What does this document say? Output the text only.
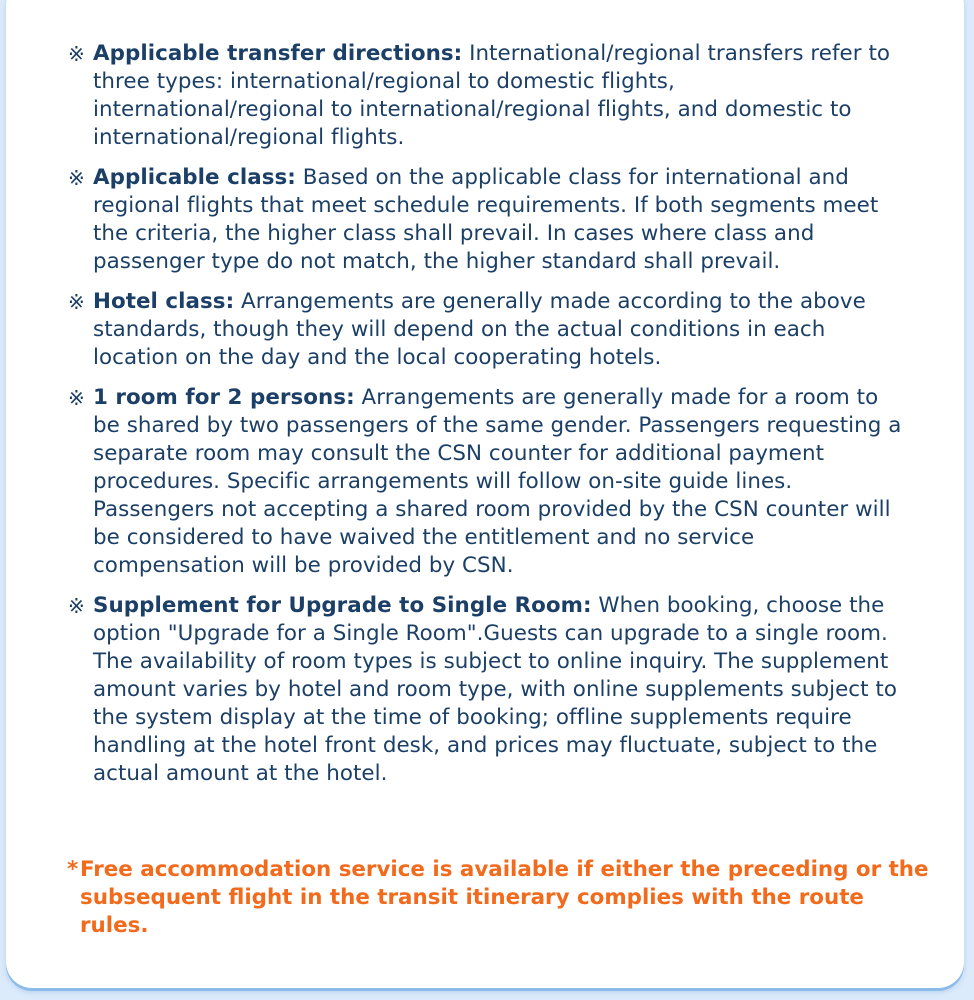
※ Applicable transfer directions: International/regional transfers refer to three types: international/regional to domestic flights, international/regional to international/regional flights, and domestic to international/regional flights.
※ Applicable class: Based on the applicable class for international and regional flights that meet schedule requirements. If both segments meet the criteria, the higher class shall prevail. In cases where class and passenger type do not match, the higher standard shall prevail.
※ Hotel class: Arrangements are generally made according to the above standards, though they will depend on the actual conditions in each location on the day and the local cooperating hotels.
※ 1 room for 2 persons: Arrangements are generally made for a room to be shared by two passengers of the same gender. Passengers requesting a separate room may consult the CSN counter for additional payment procedures. Specific arrangements will follow on-site guide lines. Passengers not accepting a shared room provided by the CSN counter will be considered to have waived the entitlement and no service compensation will be provided by CSN.
※ Supplement for Upgrade to Single Room: When booking, choose the option "Upgrade for a Single Room".Guests can upgrade to a single room. The availability of room types is subject to online inquiry. The supplement amount varies by hotel and room type, with online supplements subject to the system display at the time of booking; offline supplements require handling at the hotel front desk, and prices may fluctuate, subject to the actual amount at the hotel.

* Free accommodation service is available if either the preceding or the subsequent flight in the transit itinerary complies with the route rules.
